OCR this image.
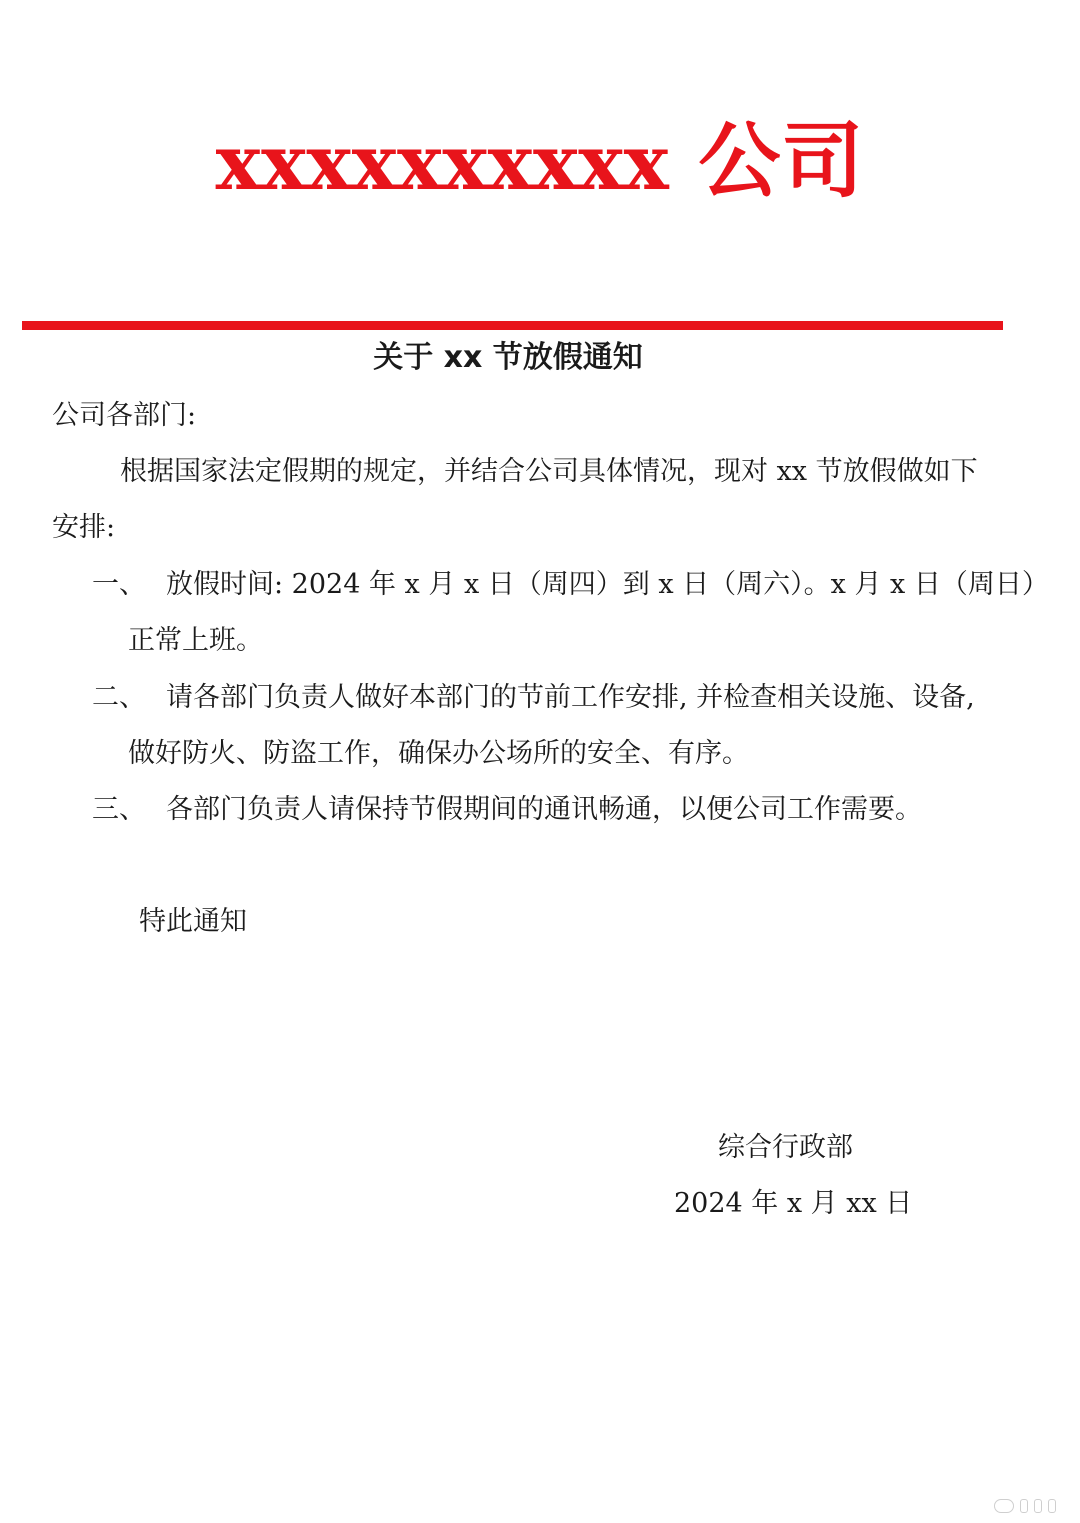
xxxxxxxxxx 公司
关于 xx 节放假通知
公司各部门:
根据国家法定假期的规定，并结合公司具体情况，现对 xx 节放假做如下
安排:
一、 放假时间: 2024 年 x 月 x 日（周四）到 x 日（周六）。x 月 x 日（周日）
正常上班。
二、 请各部门负责人做好本部门的节前工作安排, 并检查相关设施、设备,
做好防火、防盗工作，确保办公场所的安全、有序。
三、 各部门负责人请保持节假期间的通讯畅通，以便公司工作需要。
特此通知
综合行政部
2024 年 x 月 xx 日
